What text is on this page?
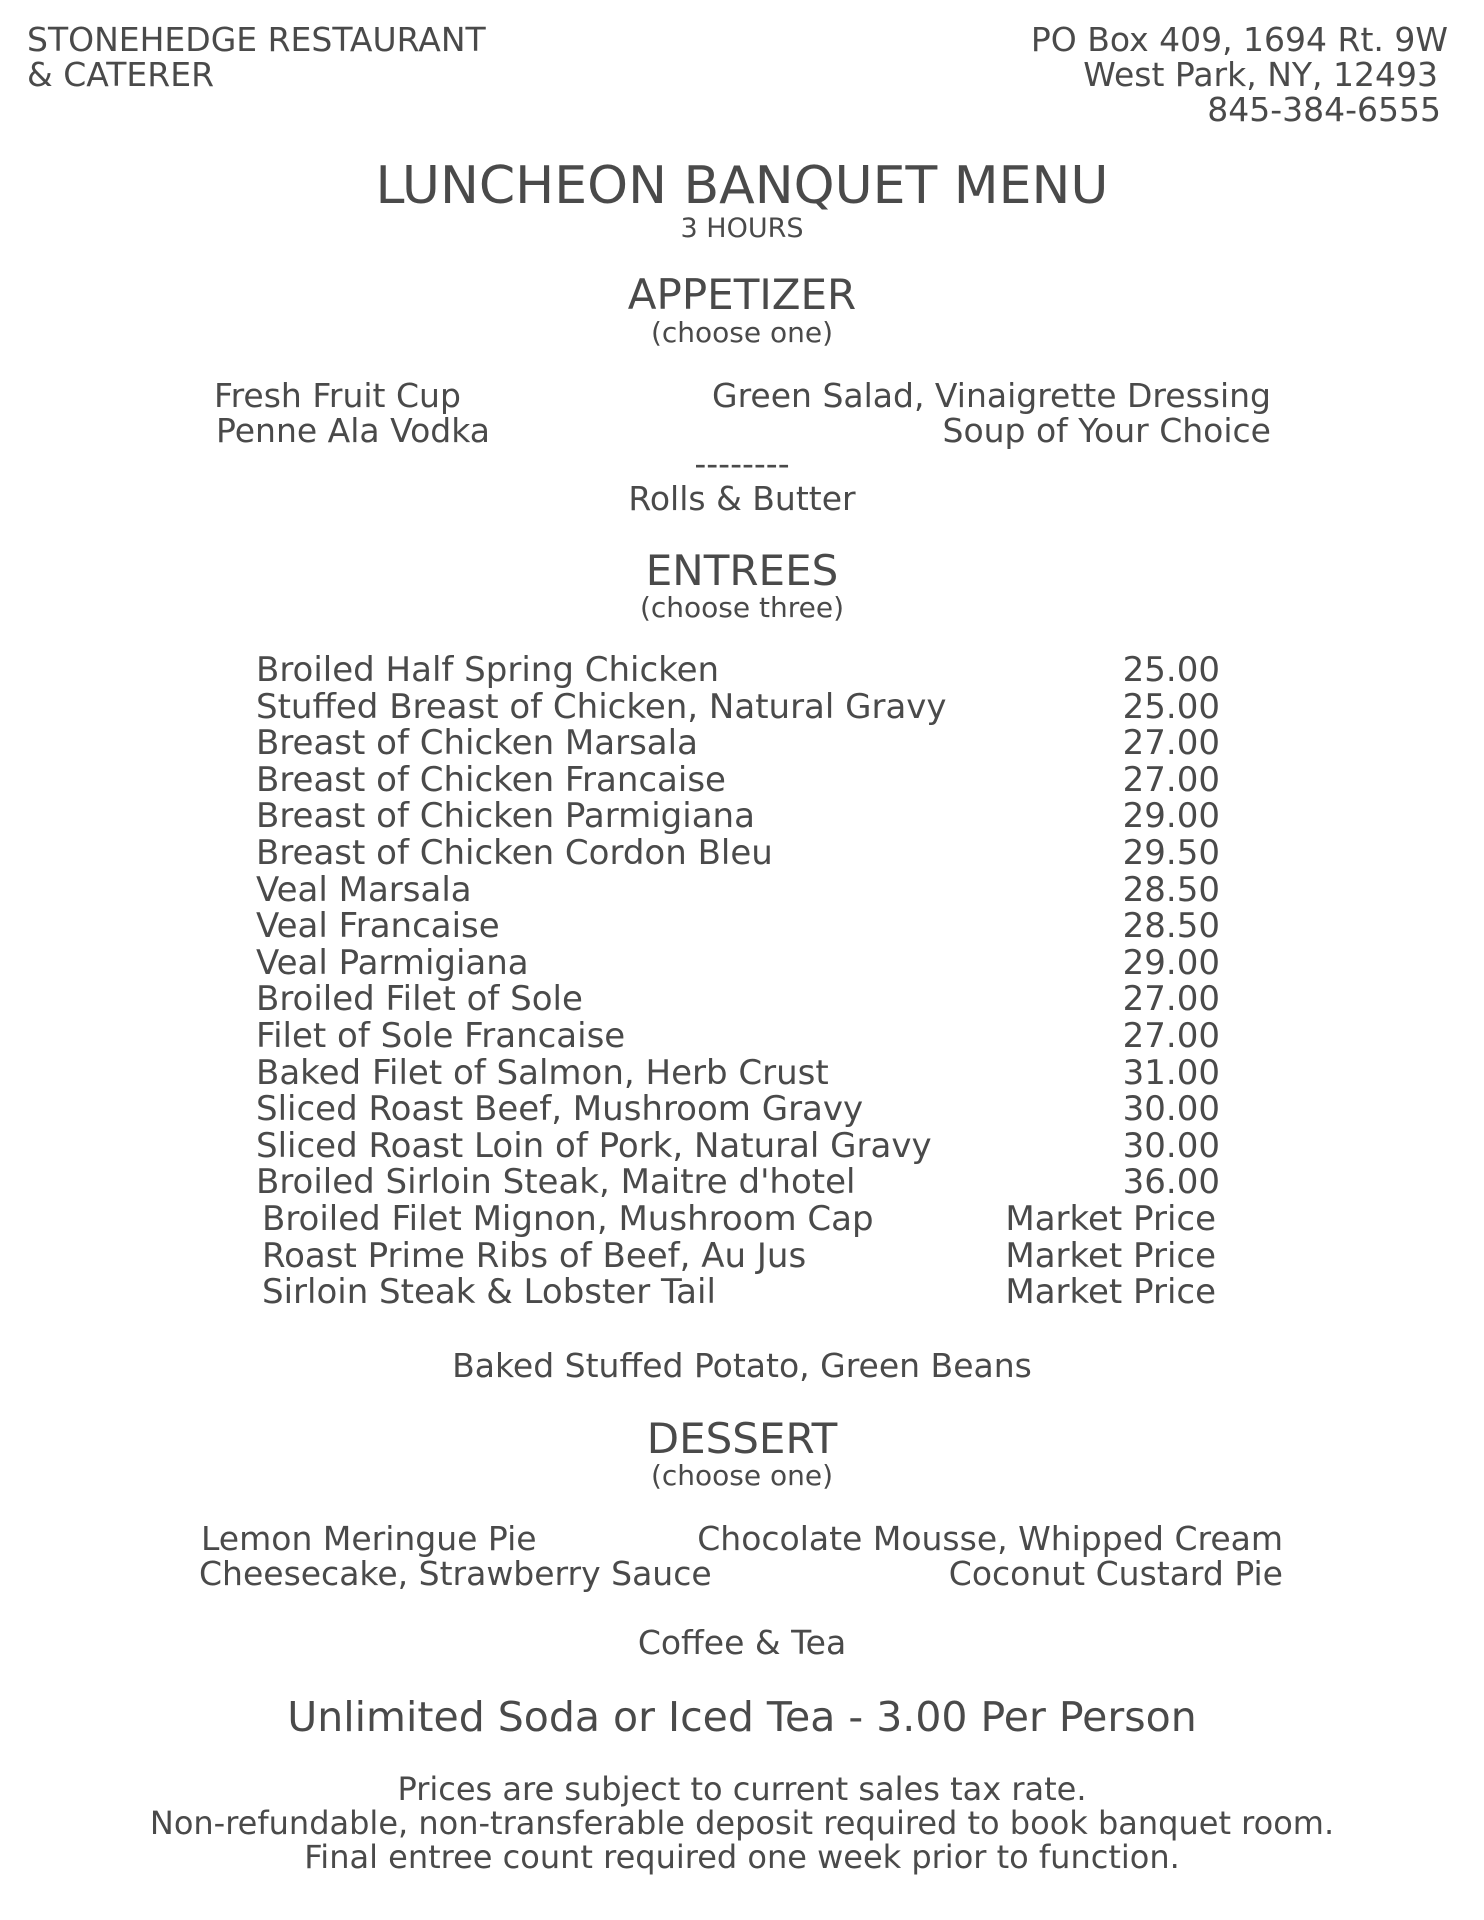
STONEHEDGE RESTAURANT
& CATERER
PO Box 409, 1694 Rt. 9W
West Park, NY, 12493
845-384-6555
LUNCHEON BANQUET MENU
3 HOURS
APPETIZER
(choose one)
Fresh Fruit Cup	Green Salad, Vinaigrette Dressing
Penne Ala Vodka	Soup of Your Choice
--------
Rolls & Butter
ENTREES
(choose three)
Broiled Half Spring Chicken	25.00
Stuffed Breast of Chicken, Natural Gravy	25.00
Breast of Chicken Marsala	27.00
Breast of Chicken Francaise	27.00
Breast of Chicken Parmigiana	29.00
Breast of Chicken Cordon Bleu	29.50
Veal Marsala	28.50
Veal Francaise	28.50
Veal Parmigiana	29.00
Broiled Filet of Sole	27.00
Filet of Sole Francaise	27.00
Baked Filet of Salmon, Herb Crust	31.00
Sliced Roast Beef, Mushroom Gravy	30.00
Sliced Roast Loin of Pork, Natural Gravy	30.00
Broiled Sirloin Steak, Maitre d'hotel	36.00
Broiled Filet Mignon, Mushroom Cap	Market Price
Roast Prime Ribs of Beef, Au Jus	Market Price
Sirloin Steak & Lobster Tail	Market Price
Baked Stuffed Potato, Green Beans
DESSERT
(choose one)
Lemon Meringue Pie	Chocolate Mousse, Whipped Cream
Cheesecake, Strawberry Sauce	Coconut Custard Pie
Coffee & Tea
Unlimited Soda or Iced Tea - 3.00 Per Person
Prices are subject to current sales tax rate.
Non-refundable, non-transferable deposit required to book banquet room.
Final entree count required one week prior to function.
